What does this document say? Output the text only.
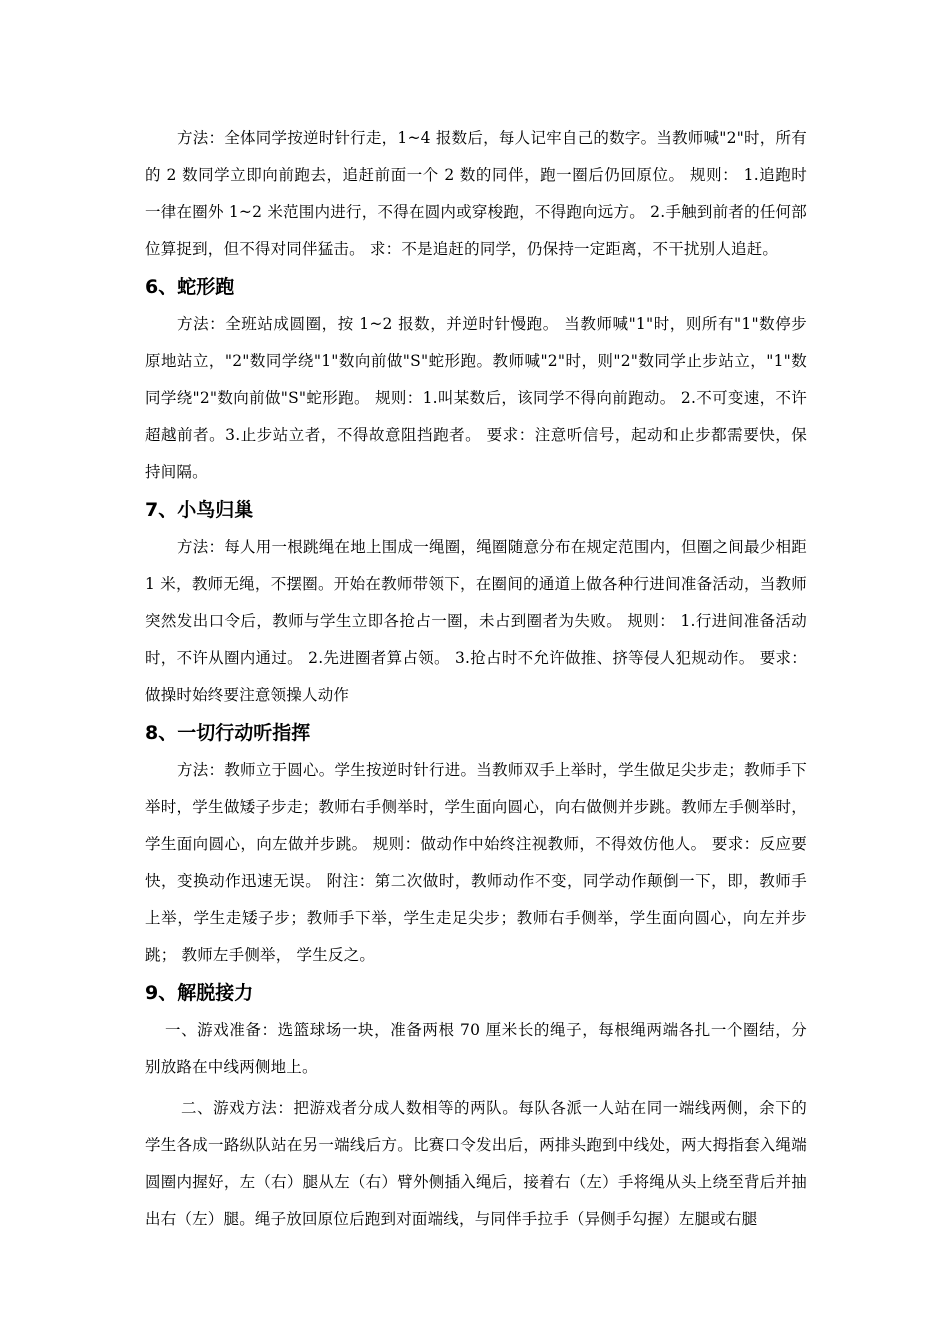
方法：全体同学按逆时针行走，1~4 报数后，每人记牢自己的数字。当教师喊"2"时，所有的 2 数同学立即向前跑去，追赶前面一个 2 数的同伴，跑一圈后仍回原位。 规则： 1.追跑时一律在圈外 1~2 米范围内进行，不得在圆内或穿梭跑，不得跑向远方。 2.手触到前者的任何部位算捉到，但不得对同伴猛击。 求：不是追赶的同学，仍保持一定距离，不干扰别人追赶。

6、蛇形跑

方法：全班站成圆圈，按 1~2 报数，并逆时针慢跑。 当教师喊"1"时，则所有"1"数停步原地站立，"2"数同学绕"1"数向前做"S"蛇形跑。教师喊"2"时，则"2"数同学止步站立，"1"数同学绕"2"数向前做"S"蛇形跑。 规则：1.叫某数后，该同学不得向前跑动。 2.不可变速，不许超越前者。3.止步站立者，不得故意阻挡跑者。 要求：注意听信号，起动和止步都需要快，保持间隔。

7、小鸟归巢

方法：每人用一根跳绳在地上围成一绳圈，绳圈随意分布在规定范围内，但圈之间最少相距 1 米，教师无绳，不摆圈。开始在教师带领下，在圈间的通道上做各种行进间准备活动，当教师突然发出口令后，教师与学生立即各抢占一圈，未占到圈者为失败。 规则： 1.行进间准备活动时，不许从圈内通过。 2.先进圈者算占领。 3.抢占时不允许做推、挤等侵人犯规动作。 要求：做操时始终要注意领操人动作

8、一切行动听指挥

方法：教师立于圆心。学生按逆时针行进。当教师双手上举时，学生做足尖步走；教师手下举时，学生做矮子步走；教师右手侧举时，学生面向圆心，向右做侧并步跳。教师左手侧举时，学生面向圆心，向左做并步跳。 规则：做动作中始终注视教师，不得效仿他人。 要求：反应要快，变换动作迅速无误。 附注：第二次做时，教师动作不变，同学动作颠倒一下，即，教师手上举，学生走矮子步；教师手下举，学生走足尖步；教师右手侧举，学生面向圆心，向左并步跳； 教师左手侧举， 学生反之。

9、解脱接力

一、游戏准备：选篮球场一块，准备两根 70 厘米长的绳子，每根绳两端各扎一个圈结，分别放路在中线两侧地上。

二、游戏方法：把游戏者分成人数相等的两队。每队各派一人站在同一端线两侧，余下的学生各成一路纵队站在另一端线后方。比赛口令发出后，两排头跑到中线处，两大拇指套入绳端圆圈内握好，左（右）腿从左（右）臂外侧插入绳后，接着右（左）手将绳从头上绕至背后并抽出右（左）腿。绳子放回原位后跑到对面端线，与同伴手拉手（异侧手勾握）左腿或右腿
